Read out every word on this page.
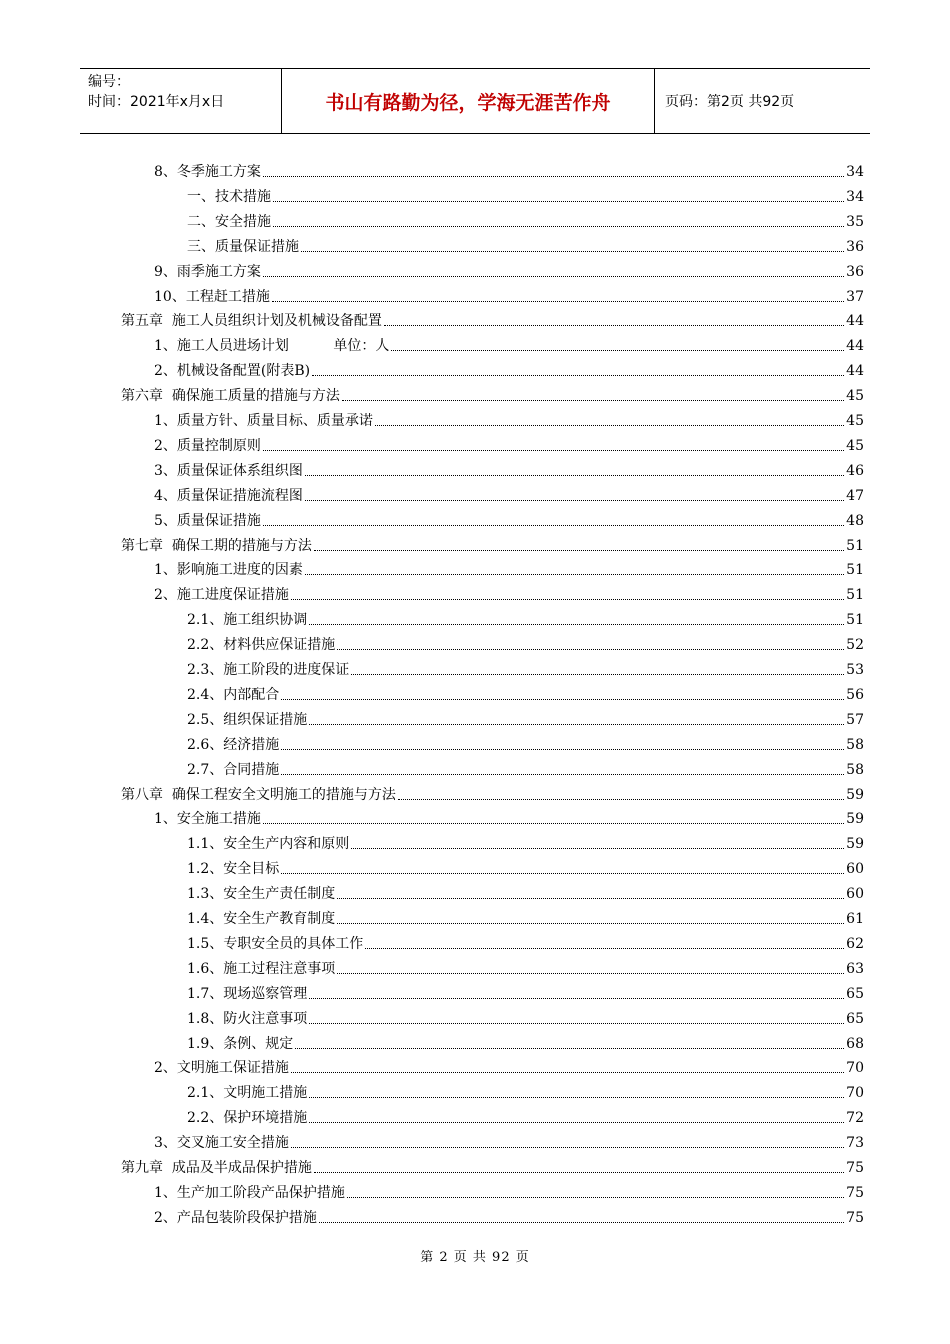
编号：
时间：2021年x月x日	书山有路勤为径，学海无涯苦作舟	页码：第2页 共92页
8、冬季施工方案	34
一、技术措施	34
二、安全措施	35
三、质量保证措施	36
9、雨季施工方案	36
10、工程赶工措施	37
第五章  施工人员组织计划及机械设备配置	44
1、施工人员进场计划          单位：人	44
2、机械设备配置(附表B)	44
第六章  确保施工质量的措施与方法	45
1、质量方针、质量目标、质量承诺	45
2、质量控制原则	45
3、质量保证体系组织图	46
4、质量保证措施流程图	47
5、质量保证措施	48
第七章  确保工期的措施与方法	51
1、影响施工进度的因素	51
2、施工进度保证措施	51
2.1、施工组织协调	51
2.2、材料供应保证措施	52
2.3、施工阶段的进度保证	53
2.4、内部配合	56
2.5、组织保证措施	57
2.6、经济措施	58
2.7、合同措施	58
第八章  确保工程安全文明施工的措施与方法	59
1、安全施工措施	59
1.1、安全生产内容和原则	59
1.2、安全目标	60
1.3、安全生产责任制度	60
1.4、安全生产教育制度	61
1.5、专职安全员的具体工作	62
1.6、施工过程注意事项	63
1.7、现场巡察管理	65
1.8、防火注意事项	65
1.9、条例、规定	68
2、文明施工保证措施	70
2.1、文明施工措施	70
2.2、保护环境措施	72
3、交叉施工安全措施	73
第九章  成品及半成品保护措施	75
1、生产加工阶段产品保护措施	75
2、产品包装阶段保护措施	75
第 2 页 共 92 页
